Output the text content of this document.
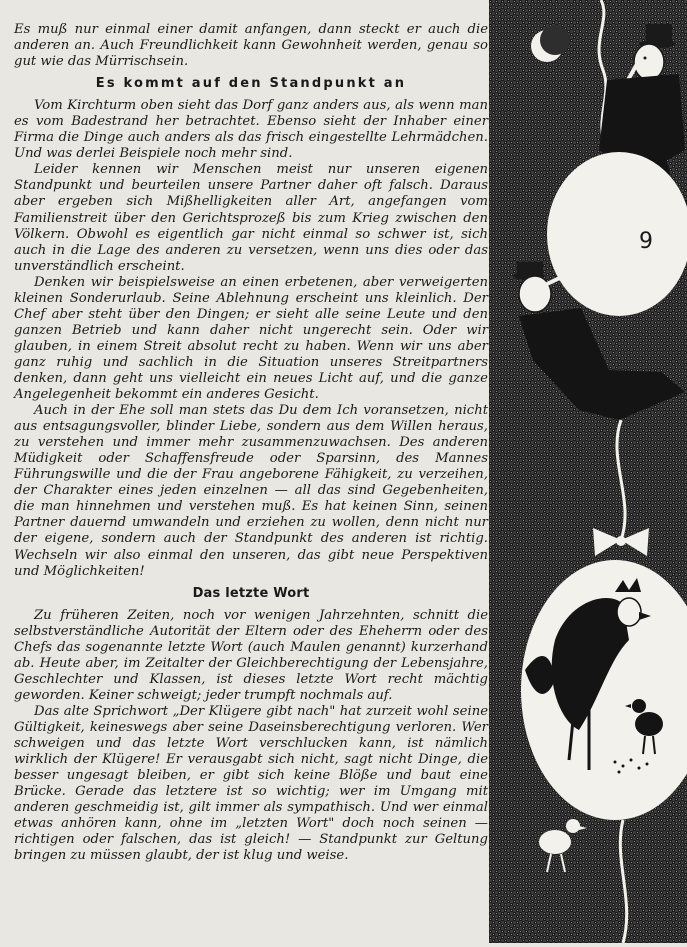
Es muß nur einmal einer damit anfangen, dann steckt er auch die anderen an. Auch Freundlichkeit kann Gewohnheit werden, genau so gut wie das Mürrischsein.

Es kommt auf den Standpunkt an

Vom Kirchturm oben sieht das Dorf ganz anders aus, als wenn man es vom Badestrand her betrachtet. Ebenso sieht der Inhaber einer Firma die Dinge auch anders als das frisch eingestellte Lehrmädchen. Und was derlei Beispiele noch mehr sind.

Leider kennen wir Menschen meist nur unseren eigenen Standpunkt und beurteilen unsere Partner daher oft falsch. Daraus aber ergeben sich Mißhelligkeiten aller Art, angefangen vom Familienstreit über den Gerichtsprozeß bis zum Krieg zwischen den Völkern. Obwohl es eigentlich gar nicht einmal so schwer ist, sich auch in die Lage des anderen zu versetzen, wenn uns dies oder das unverständlich erscheint.

Denken wir beispielsweise an einen erbetenen, aber verweigerten kleinen Sonderurlaub. Seine Ablehnung erscheint uns kleinlich. Der Chef aber steht über den Dingen; er sieht alle seine Leute und den ganzen Betrieb und kann daher nicht ungerecht sein. Oder wir glauben, in einem Streit absolut recht zu haben. Wenn wir uns aber ganz ruhig und sachlich in die Situation unseres Streitpartners denken, dann geht uns vielleicht ein neues Licht auf, und die ganze Angelegenheit bekommt ein anderes Gesicht.

Auch in der Ehe soll man stets das Du dem Ich voransetzen, nicht aus entsagungsvoller, blinder Liebe, sondern aus dem Willen heraus, zu verstehen und immer mehr zusammenzuwachsen. Des anderen Müdigkeit oder Schaffensfreude oder Sparsinn, des Mannes Führungswille und die der Frau angeborene Fähigkeit, zu verzeihen, der Charakter eines jeden einzelnen — all das sind Gegebenheiten, die man hinnehmen und verstehen muß. Es hat keinen Sinn, seinen Partner dauernd umwandeln und erziehen zu wollen, denn nicht nur der eigene, sondern auch der Standpunkt des anderen ist richtig. Wechseln wir also einmal den unseren, das gibt neue Perspektiven und Möglichkeiten!

Das letzte Wort

Zu früheren Zeiten, noch vor wenigen Jahrzehnten, schnitt die selbstverständliche Autorität der Eltern oder des Eheherrn oder des Chefs das sogenannte letzte Wort (auch Maulen genannt) kurzerhand ab. Heute aber, im Zeitalter der Gleichberechtigung der Lebensjahre, Geschlechter und Klassen, ist dieses letzte Wort recht mächtig geworden. Keiner schweigt; jeder trumpft nochmals auf.

Das alte Sprichwort „Der Klügere gibt nach" hat zurzeit wohl seine Gültigkeit, keineswegs aber seine Daseinsberechtigung verloren. Wer schweigen und das letzte Wort verschlucken kann, ist nämlich wirklich der Klügere! Er verausgabt sich nicht, sagt nicht Dinge, die besser ungesagt bleiben, er gibt sich keine Blöße und baut eine Brücke. Gerade das letztere ist so wichtig; wer im Umgang mit anderen geschmeidig ist, gilt immer als sympathisch. Und wer einmal etwas anhören kann, ohne im „letzten Wort" doch noch seinen — richtigen oder falschen, das ist gleich! — Standpunkt zur Geltung bringen zu müssen glaubt, der ist klug und weise.

9
